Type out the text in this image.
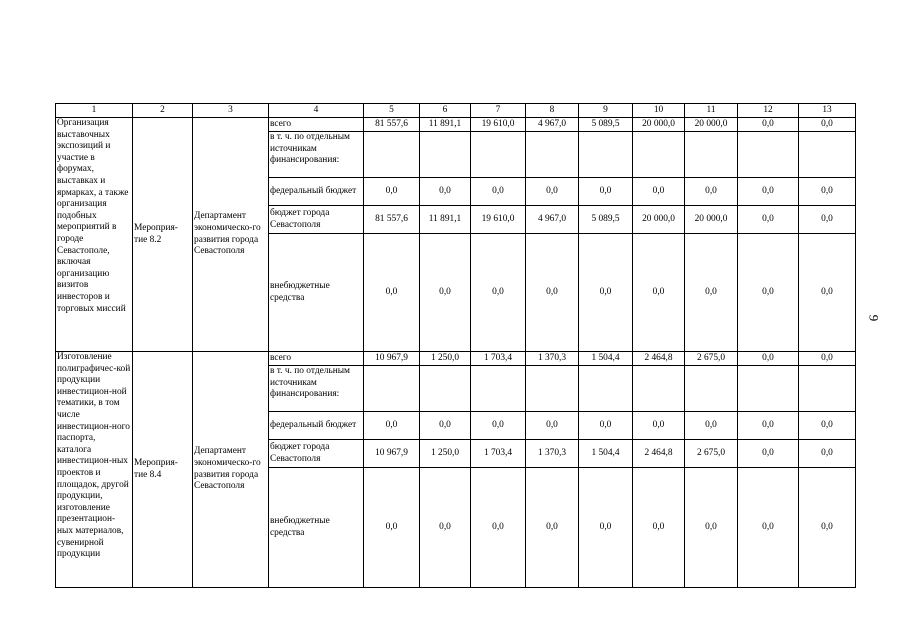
9
1	2	3	4	5	6	7	8	9	10	11	12	13
Организация выставочных экспозиций и участие в форумах, выставках и ярмарках, а также организация подобных мероприятий в городе Севастополе, включая организацию визитов инвесторов и торговых миссий	Мероприя-тие 8.2	Департамент экономическо-го развития города Севастополя	всего	81 557,6	11 891,1	19 610,0	4 967,0	5 089,5	20 000,0	20 000,0	0,0	0,0
			в т. ч. по отдельным источникам финансирования:									
			федеральный бюджет	0,0	0,0	0,0	0,0	0,0	0,0	0,0	0,0	0,0
			бюджет города Севастополя	81 557,6	11 891,1	19 610,0	4 967,0	5 089,5	20 000,0	20 000,0	0,0	0,0
			внебюджетные средства	0,0	0,0	0,0	0,0	0,0	0,0	0,0	0,0	0,0
Изготовление полиграфичес-кой продукции инвестицион-ной тематики, в том числе инвестицион-ного паспорта, каталога инвестицион-ных проектов и площадок, другой продукции, изготовление презентацион-ных материалов, сувенирной продукции	Мероприя-тие 8.4	Департамент экономическо-го развития города Севастополя	всего	10 967,9	1 250,0	1 703,4	1 370,3	1 504,4	2 464,8	2 675,0	0,0	0,0
			в т. ч. по отдельным источникам финансирования:									
			федеральный бюджет	0,0	0,0	0,0	0,0	0,0	0,0	0,0	0,0	0,0
			бюджет города Севастополя	10 967,9	1 250,0	1 703,4	1 370,3	1 504,4	2 464,8	2 675,0	0,0	0,0
			внебюджетные средства	0,0	0,0	0,0	0,0	0,0	0,0	0,0	0,0	0,0
